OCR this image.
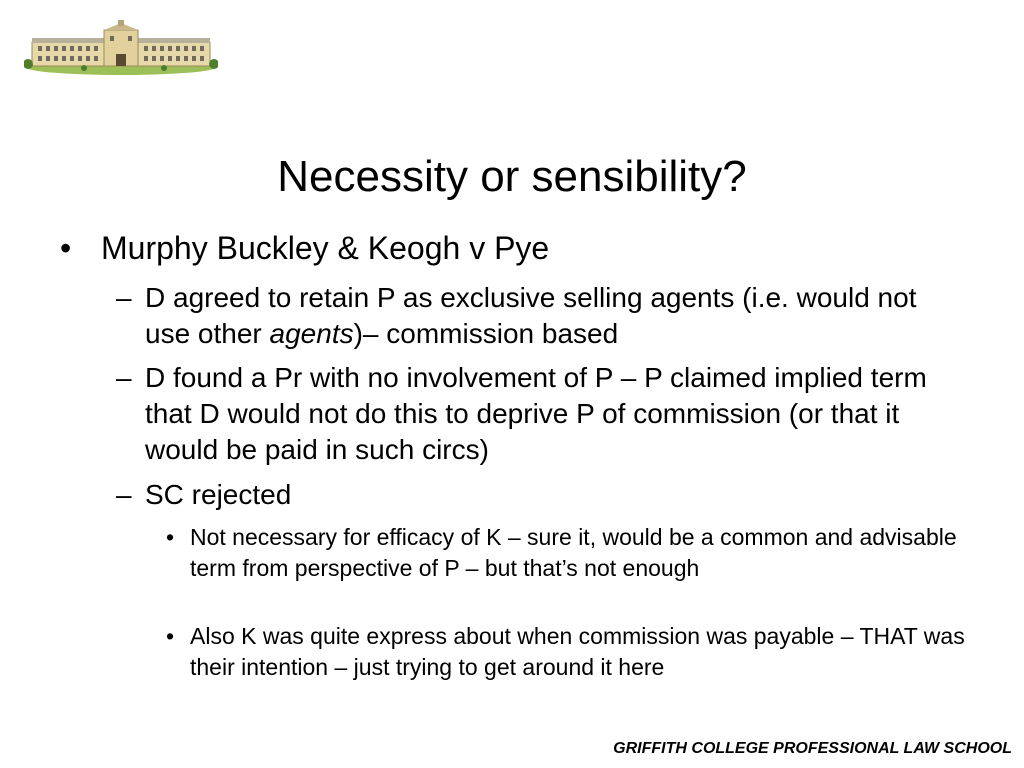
Necessity or sensibility?
• Murphy Buckley & Keogh v Pye
– D agreed to retain P as exclusive selling agents (i.e. would not use other agents)– commission based
– D found a Pr with no involvement of P – P claimed implied term that D would not do this to deprive P of commission (or that it would be paid in such circs)
– SC rejected
• Not necessary for efficacy of K – sure it, would be a common and advisable term from perspective of P – but that’s not enough
• Also K was quite express about when commission was payable – THAT was their intention – just trying to get around it here
GRIFFITH COLLEGE PROFESSIONAL LAW SCHOOL
